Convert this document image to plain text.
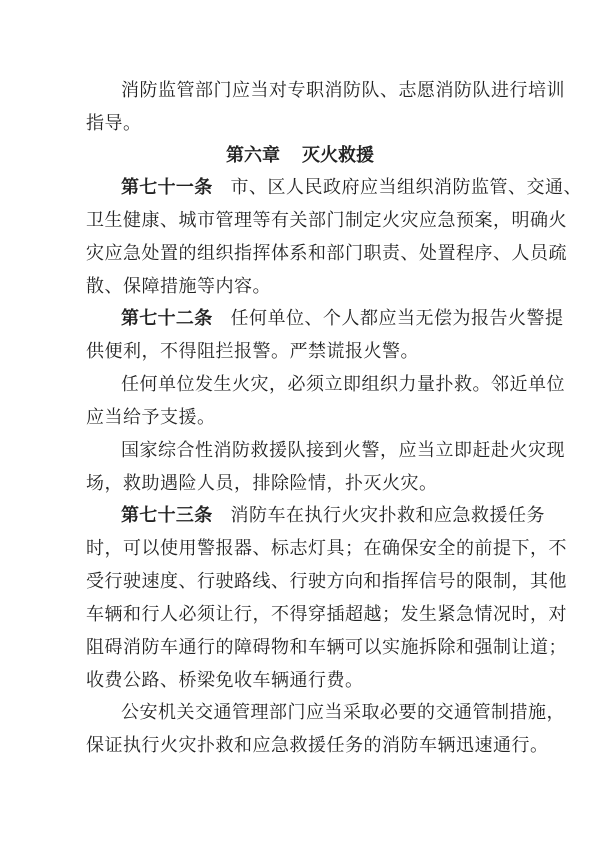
消防监管部门应当对专职消防队、志愿消防队进行培训
指导。
第六章 灭火救援
第七十一条 市、区人民政府应当组织消防监管、交通、
卫生健康、城市管理等有关部门制定火灾应急预案，明确火
灾应急处置的组织指挥体系和部门职责、处置程序、人员疏
散、保障措施等内容。
第七十二条 任何单位、个人都应当无偿为报告火警提
供便利，不得阻拦报警。严禁谎报火警。
任何单位发生火灾，必须立即组织力量扑救。邻近单位
应当给予支援。
国家综合性消防救援队接到火警，应当立即赶赴火灾现
场，救助遇险人员，排除险情，扑灭火灾。
第七十三条 消防车在执行火灾扑救和应急救援任务
时，可以使用警报器、标志灯具；在确保安全的前提下，不
受行驶速度、行驶路线、行驶方向和指挥信号的限制，其他
车辆和行人必须让行，不得穿插超越；发生紧急情况时，对
阻碍消防车通行的障碍物和车辆可以实施拆除和强制让道；
收费公路、桥梁免收车辆通行费。
公安机关交通管理部门应当采取必要的交通管制措施，
保证执行火灾扑救和应急救援任务的消防车辆迅速通行。
